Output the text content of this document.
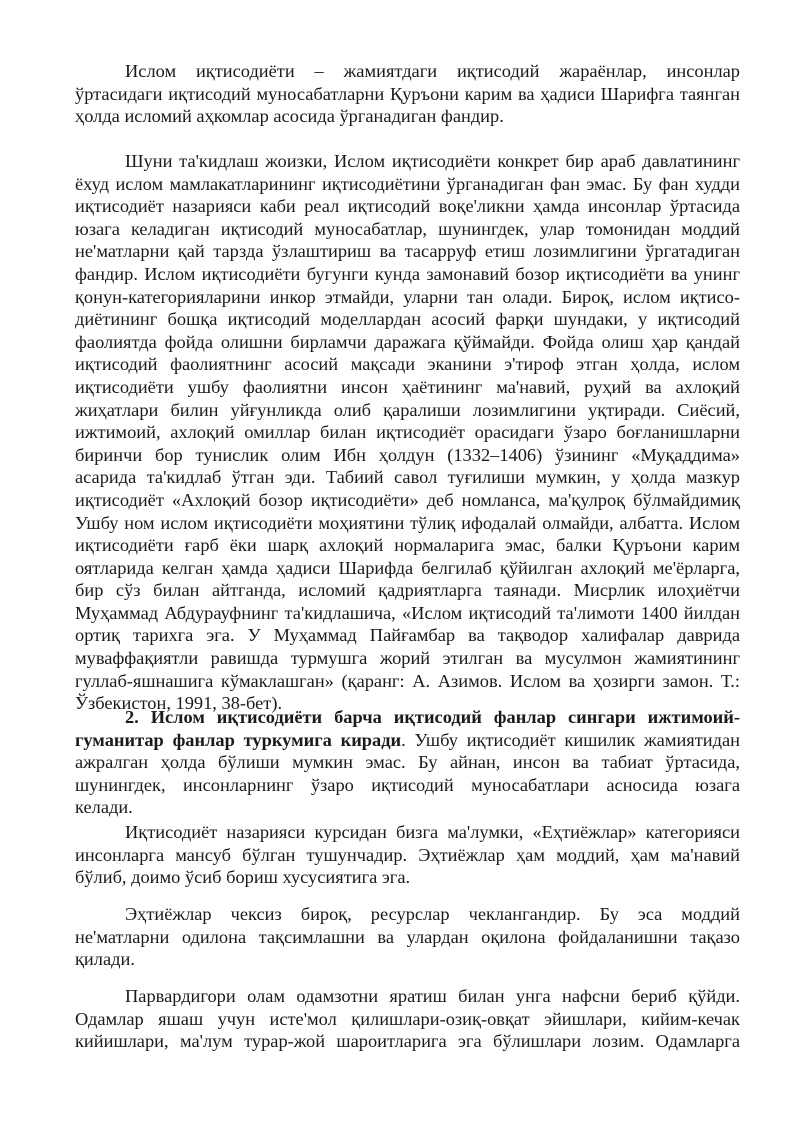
Ислом иқтисодиёти – жамиятдаги иқтисодий жараёнлар, инсонлар
ўртасидаги иқтисодий муносабатларни Қуръони карим ва ҳадиси Шарифга таянган
ҳолда исломий аҳкомлар асосида ўрганадиган фандир.
Шуни та'кидлаш жоизки, Ислом иқтисодиёти конкрет бир араб давлатининг
ёхуд ислом мамлакатларининг иқтисодиётини ўрганадиган фан эмас. Бу фан худди
иқтисодиёт назарияси каби реал иқтисодий воқе'ликни ҳамда инсонлар ўртасида
юзага келадиган иқтисодий муносабатлар, шунингдек, улар томонидан моддий
не'матларни қай тарзда ўзлаштириш ва тасарруф етиш лозимлигини ўргатадиган
фандир. Ислом иқтисодиёти бугунги кунда замонавий бозор иқтисодиёти ва унинг
қонун-категорияларини инкор этмайди, уларни тан олади. Бироқ, ислом иқтисо-
диётининг бошқа иқтисодий моделлардан асосий фарқи шундаки, у иқтисодий
фаолиятда фойда олишни бирламчи даражага қўймайди. Фойда олиш ҳар қандай
иқтисодий фаолиятнинг асосий мақсади эканини э'тироф этган ҳолда, ислом
иқтисодиёти ушбу фаолиятни инсон ҳаётининг ма'навий, руҳий ва ахлоқий
жиҳатлари билин уйғунликда олиб қаралиши лозимлигини уқтиради. Сиёсий,
ижтимоий, ахлоқий омиллар билан иқтисодиёт орасидаги ўзаро боғланишларни
биринчи бор тунислик олим Ибн ҳолдун (1332–1406) ўзининг «Муқаддима»
асарида та'кидлаб ўтган эди. Табиий савол туғилиши мумкин, у ҳолда мазкур
иқтисодиёт «Ахлоқий бозор иқтисодиёти» деб номланса, ма'қулроқ бўлмайдимиқ
Ушбу ном ислом иқтисодиёти моҳиятини тўлиқ ифодалай олмайди, албатта. Ислом
иқтисодиёти ғарб ёки шарқ ахлоқий нормаларига эмас, балки Қуръони карим
оятларида келган ҳамда ҳадиси Шарифда белгилаб қўйилган ахлоқий ме'ёрларга,
бир сўз билан айтганда, исломий қадриятларга таянади. Мисрлик илоҳиётчи
Муҳаммад Абдурауфнинг та'кидлашича, «Ислом иқтисодий та'лимоти 1400 йилдан
ортиқ тарихга эга. У Муҳаммад Пайғамбар ва тақводор халифалар даврида
муваффақиятли равишда турмушга жорий этилган ва мусулмон жамиятининг
гуллаб-яшнашига кўмаклашган» (қаранг: А. Азимов. Ислом ва ҳозирги замон. Т.:
Ўзбекистон, 1991, 38-бет).
2. Ислом иқтисодиёти барча иқтисодий фанлар сингари ижтимоий-
гуманитар фанлар туркумига киради. Ушбу иқтисодиёт кишилик жамиятидан
ажралган ҳолда бўлиши мумкин эмас. Бу айнан, инсон ва табиат ўртасида,
шунингдек, инсонларнинг ўзаро иқтисодий муносабатлари асносида юзага
келади.
Иқтисодиёт назарияси курсидан бизга ма'лумки, «Еҳтиёжлар» категорияси
инсонларга мансуб бўлган тушунчадир. Эҳтиёжлар ҳам моддий, ҳам ма'навий
бўлиб, доимо ўсиб бориш хусусиятига эга.
Эҳтиёжлар чексиз бироқ, ресурслар чеклангандир. Бу эса моддий
не'матларни одилона тақсимлашни ва улардан оқилона фойдаланишни тақазо
қилади.
Парвардигори олам одамзотни яратиш билан унга нафсни бериб қўйди.
Одамлар яшаш учун исте'мол қилишлари-озиқ-овқат эйишлари, кийим-кечак
кийишлари, ма'лум турар-жой шароитларига эга бўлишлари лозим. Одамларга
